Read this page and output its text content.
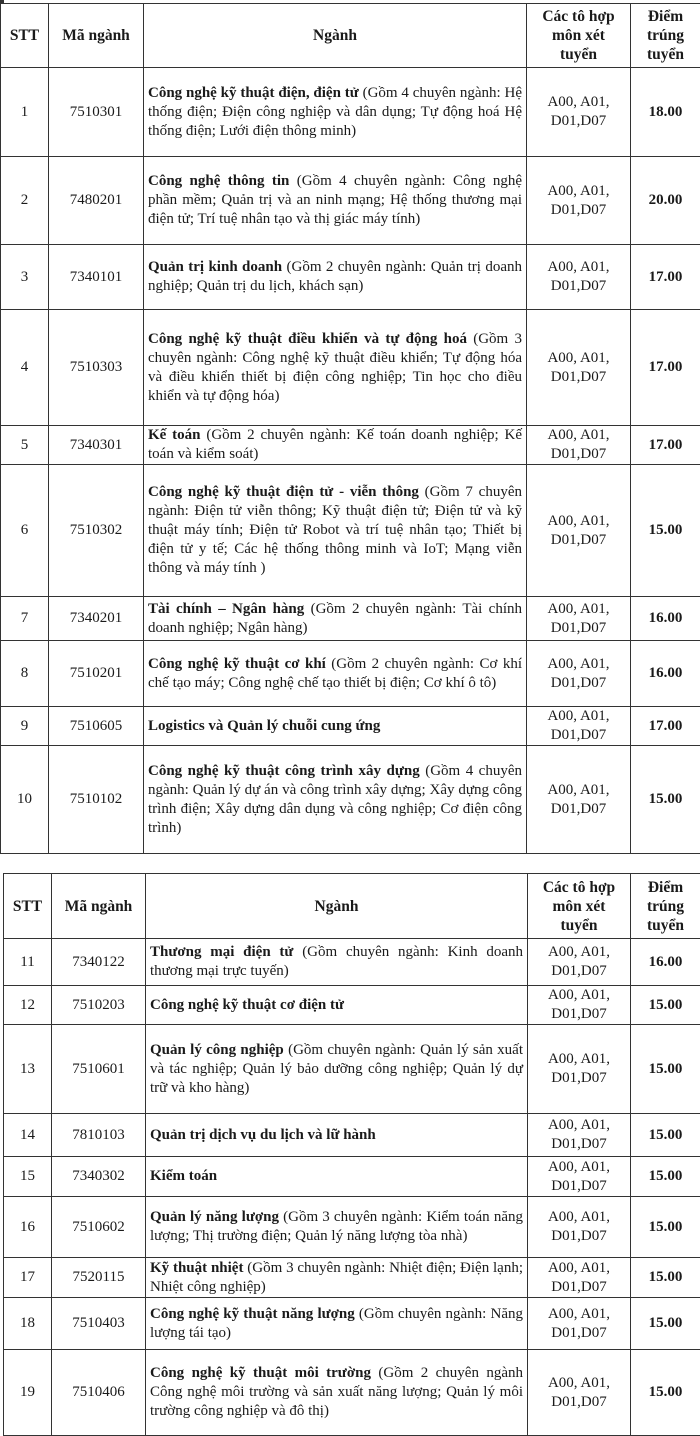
STT	Mã ngành	Ngành	Các tô hợp
môn xét
tuyển	Điểm
trúng
tuyển
1	7510301	Công nghệ kỹ thuật điện, điện tử (Gồm 4 chuyên ngành: Hệ thống điện; Điện công nghiệp và dân dụng; Tự động hoá Hệ thống điện; Lưới điện thông minh)	A00, A01,
D01,D07	18.00
2	7480201	Công nghệ thông tin (Gồm 4 chuyên ngành: Công nghệ phần mềm; Quản trị và an ninh mạng; Hệ thống thương mại điện tử; Trí tuệ nhân tạo và thị giác máy tính)	A00, A01,
D01,D07	20.00
3	7340101	Quản trị kinh doanh (Gồm 2 chuyên ngành: Quản trị doanh nghiệp; Quản trị du lịch, khách sạn)	A00, A01,
D01,D07	17.00
4	7510303	Công nghệ kỹ thuật điều khiển và tự động hoá (Gồm 3 chuyên ngành: Công nghệ kỹ thuật điều khiển; Tự động hóa và điều khiển thiết bị điện công nghiệp; Tin học cho điều khiển và tự động hóa)	A00, A01,
D01,D07	17.00
5	7340301	Kế toán (Gồm 2 chuyên ngành: Kế toán doanh nghiệp; Kế toán và kiểm soát)	A00, A01,
D01,D07	17.00
6	7510302	Công nghệ kỹ thuật điện tử - viễn thông (Gồm 7 chuyên ngành: Điện tử viễn thông; Kỹ thuật điện tử; Điện tử và kỹ thuật máy tính; Điện tử Robot và trí tuệ nhân tạo; Thiết bị điện tử y tế; Các hệ thống thông minh và IoT; Mạng viễn thông và máy tính )	A00, A01,
D01,D07	15.00
7	7340201	Tài chính – Ngân hàng (Gồm 2 chuyên ngành: Tài chính doanh nghiệp; Ngân hàng)	A00, A01,
D01,D07	16.00
8	7510201	Công nghệ kỹ thuật cơ khí (Gồm 2 chuyên ngành: Cơ khí chế tạo máy; Công nghệ chế tạo thiết bị điện; Cơ khí ô tô)	A00, A01,
D01,D07	16.00
9	7510605	Logistics và Quản lý chuỗi cung ứng	A00, A01,
D01,D07	17.00
10	7510102	Công nghệ kỹ thuật công trình xây dựng (Gồm 4 chuyên ngành: Quản lý dự án và công trình xây dựng; Xây dựng công trình điện; Xây dựng dân dụng và công nghiệp; Cơ điện công trình)	A00, A01,
D01,D07	15.00
STT	Mã ngành	Ngành	Các tô hợp
môn xét
tuyển	Điểm
trúng
tuyển
11	7340122	Thương mại điện tử (Gồm chuyên ngành: Kinh doanh thương mại trực tuyến)	A00, A01,
D01,D07	16.00
12	7510203	Công nghệ kỹ thuật cơ điện tử	A00, A01,
D01,D07	15.00
13	7510601	Quản lý công nghiệp (Gồm chuyên ngành: Quản lý sản xuất và tác nghiệp; Quản lý bảo dưỡng công nghiệp; Quản lý dự trữ và kho hàng)	A00, A01,
D01,D07	15.00
14	7810103	Quản trị dịch vụ du lịch và lữ hành	A00, A01,
D01,D07	15.00
15	7340302	Kiểm toán	A00, A01,
D01,D07	15.00
16	7510602	Quản lý năng lượng (Gồm 3 chuyên ngành: Kiểm toán năng lượng; Thị trường điện; Quản lý năng lượng tòa nhà)	A00, A01,
D01,D07	15.00
17	7520115	Kỹ thuật nhiệt (Gồm 3 chuyên ngành: Nhiệt điện; Điện lạnh; Nhiệt công nghiệp)	A00, A01,
D01,D07	15.00
18	7510403	Công nghệ kỹ thuật năng lượng (Gồm chuyên ngành: Năng lượng tái tạo)	A00, A01,
D01,D07	15.00
19	7510406	Công nghệ kỹ thuật môi trường (Gồm 2 chuyên ngành Công nghệ môi trường và sản xuất năng lượng; Quản lý môi trường công nghiệp và đô thị)	A00, A01,
D01,D07	15.00
